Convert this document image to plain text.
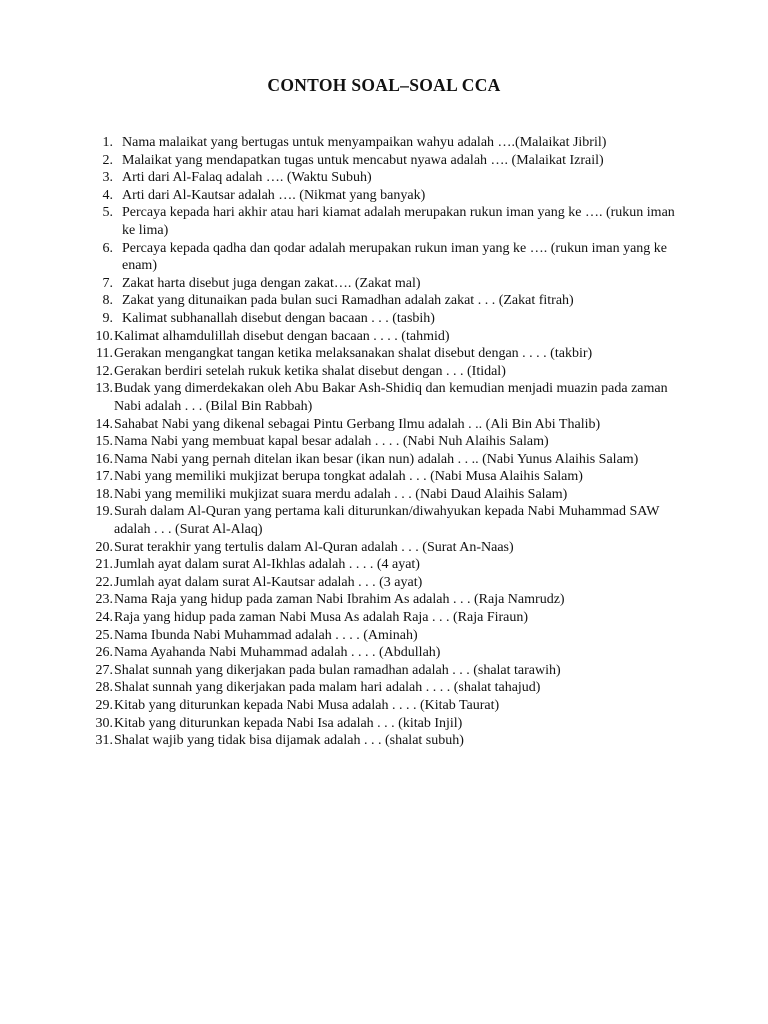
CONTOH SOAL–SOAL CCA
1. Nama malaikat yang bertugas untuk menyampaikan wahyu adalah ….(Malaikat Jibril)
2. Malaikat yang mendapatkan tugas untuk mencabut nyawa adalah …. (Malaikat Izrail)
3. Arti dari Al-Falaq adalah …. (Waktu Subuh)
4. Arti dari Al-Kautsar adalah …. (Nikmat yang banyak)
5. Percaya kepada hari akhir atau hari kiamat adalah merupakan rukun iman yang ke …. (rukun iman ke lima)
6. Percaya kepada qadha dan qodar adalah merupakan rukun iman yang ke …. (rukun iman yang ke enam)
7. Zakat harta disebut juga dengan zakat…. (Zakat mal)
8. Zakat yang ditunaikan pada bulan suci Ramadhan adalah zakat . . . (Zakat fitrah)
9. Kalimat subhanallah disebut dengan bacaan . . . (tasbih)
10. Kalimat alhamdulillah disebut dengan bacaan . . . . (tahmid)
11. Gerakan mengangkat tangan ketika melaksanakan shalat disebut dengan . . . . (takbir)
12. Gerakan berdiri setelah rukuk ketika shalat disebut dengan . . . (Itidal)
13. Budak yang dimerdekakan oleh Abu Bakar Ash-Shidiq dan kemudian menjadi muazin pada zaman Nabi adalah . . . (Bilal Bin Rabbah)
14. Sahabat Nabi yang dikenal sebagai Pintu Gerbang Ilmu adalah . .. (Ali Bin Abi Thalib)
15. Nama Nabi yang membuat kapal besar adalah . . . . (Nabi Nuh Alaihis Salam)
16. Nama Nabi yang pernah ditelan ikan besar (ikan nun) adalah . . .. (Nabi Yunus Alaihis Salam)
17. Nabi yang memiliki mukjizat berupa tongkat adalah . . . (Nabi Musa Alaihis Salam)
18. Nabi yang memiliki mukjizat suara merdu adalah . . . (Nabi Daud Alaihis Salam)
19. Surah dalam Al-Quran yang pertama kali diturunkan/diwahyukan kepada Nabi Muhammad SAW adalah . . . (Surat Al-Alaq)
20. Surat terakhir yang tertulis dalam Al-Quran adalah . . . (Surat An-Naas)
21. Jumlah ayat dalam surat Al-Ikhlas adalah . . . . (4 ayat)
22. Jumlah ayat dalam surat Al-Kautsar adalah . . . (3 ayat)
23. Nama Raja yang hidup pada zaman Nabi Ibrahim As adalah . . . (Raja Namrudz)
24. Raja yang hidup pada zaman Nabi Musa As adalah Raja . . . (Raja Firaun)
25. Nama Ibunda Nabi Muhammad adalah . . . . (Aminah)
26. Nama Ayahanda Nabi Muhammad adalah . . . . (Abdullah)
27. Shalat sunnah yang dikerjakan pada bulan ramadhan adalah . . . (shalat tarawih)
28. Shalat sunnah yang dikerjakan pada malam hari adalah . . . . (shalat tahajud)
29. Kitab yang diturunkan kepada Nabi Musa adalah . . . . (Kitab Taurat)
30. Kitab yang diturunkan kepada Nabi Isa adalah . . . (kitab Injil)
31. Shalat wajib yang tidak bisa dijamak adalah . . . (shalat subuh)
